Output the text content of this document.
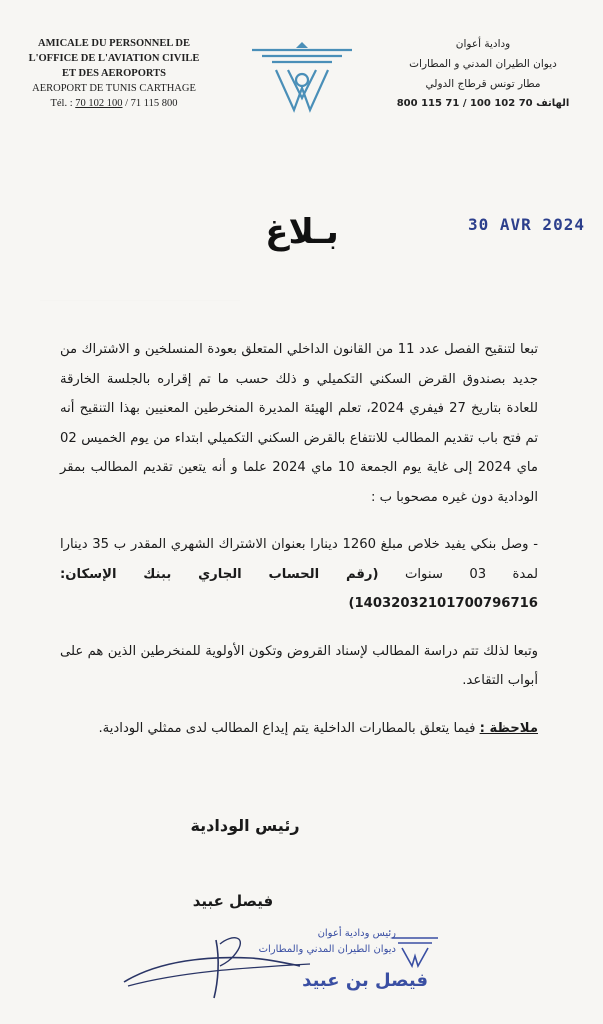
AMICALE DU PERSONNEL DE
L'OFFICE DE L'AVIATION CIVILE
ET DES AEROPORTS
AEROPORT DE TUNIS CARTHAGE
Tél. : 70 102 100 / 71 115 800
ودادية أعوان
ديوان الطيران المدني و المطارات
مطار تونس قرطاج الدولي
الهاتف 70 102 100 / 71 115 800
30 AVR 2024
بـلاغ

تبعا لتنقيح الفصل عدد 11 من القانون الداخلي المتعلق بعودة المنسلخين و الاشتراك من جديد بصندوق القرض السكني التكميلي و ذلك حسب ما تم إقراره بالجلسة الخارقة للعادة بتاريخ 27 فيفري 2024، تعلم الهيئة المديرة المنخرطين المعنيين بهذا التنقيح أنه تم فتح باب تقديم المطالب للانتفاع بالقرض السكني التكميلي ابتداء من يوم الخميس 02 ماي 2024 إلى غاية يوم الجمعة 10 ماي 2024 علما و أنه يتعين تقديم المطالب بمقر الودادية دون غيره مصحوبا ب :

- وصل بنكي يفيد خلاص مبلغ 1260 دينارا بعنوان الاشتراك الشهري المقدر ب 35 دينارا لمدة 03 سنوات (رقم الحساب الجاري ببنك الإسكان: 14032032101700796716)

وتبعا لذلك تتم دراسة المطالب لإسناد القروض وتكون الأولوية للمنخرطين الذين هم على أبواب التقاعد.

ملاحظة : فيما يتعلق بالمطارات الداخلية يتم إيداع المطالب لدى ممثلي الودادية.

رئيس الودادية
فيصل عبيد
رئيس ودادية أعوان
ديوان الطيران المدني والمطارات
فيصل بن عبيد
